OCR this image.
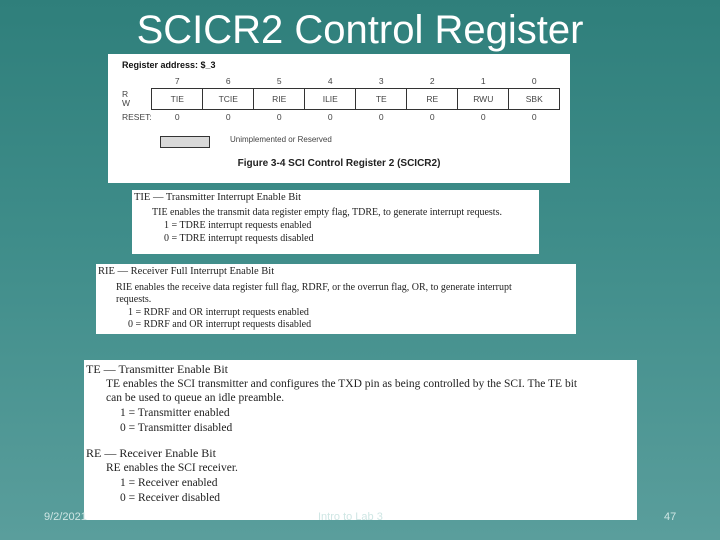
SCICR2 Control Register
Register address: $_3
	7	6	5	4	3	2	1	0
R
W	TIE	TCIE	RIE	ILIE	TE	RE	RWU	SBK
RESET:	0	0	0	0	0	0	0	0
Unimplemented or Reserved
Figure 3-4 SCI Control Register 2 (SCICR2)
TIE — Transmitter Interrupt Enable Bit
TIE enables the transmit data register empty flag, TDRE, to generate interrupt requests.
1 = TDRE interrupt requests enabled
0 = TDRE interrupt requests disabled
RIE — Receiver Full Interrupt Enable Bit
RIE enables the receive data register full flag, RDRF, or the overrun flag, OR, to generate interrupt
requests.
1 = RDRF and OR interrupt requests enabled
0 = RDRF and OR interrupt requests disabled
TE — Transmitter Enable Bit
TE enables the SCI transmitter and configures the TXD pin as being controlled by the SCI. The TE bit
can be used to queue an idle preamble.
1 = Transmitter enabled
0 = Transmitter disabled
RE — Receiver Enable Bit
RE enables the SCI receiver.
1 = Receiver enabled
0 = Receiver disabled
9/2/2021	Intro to Lab 3	47
